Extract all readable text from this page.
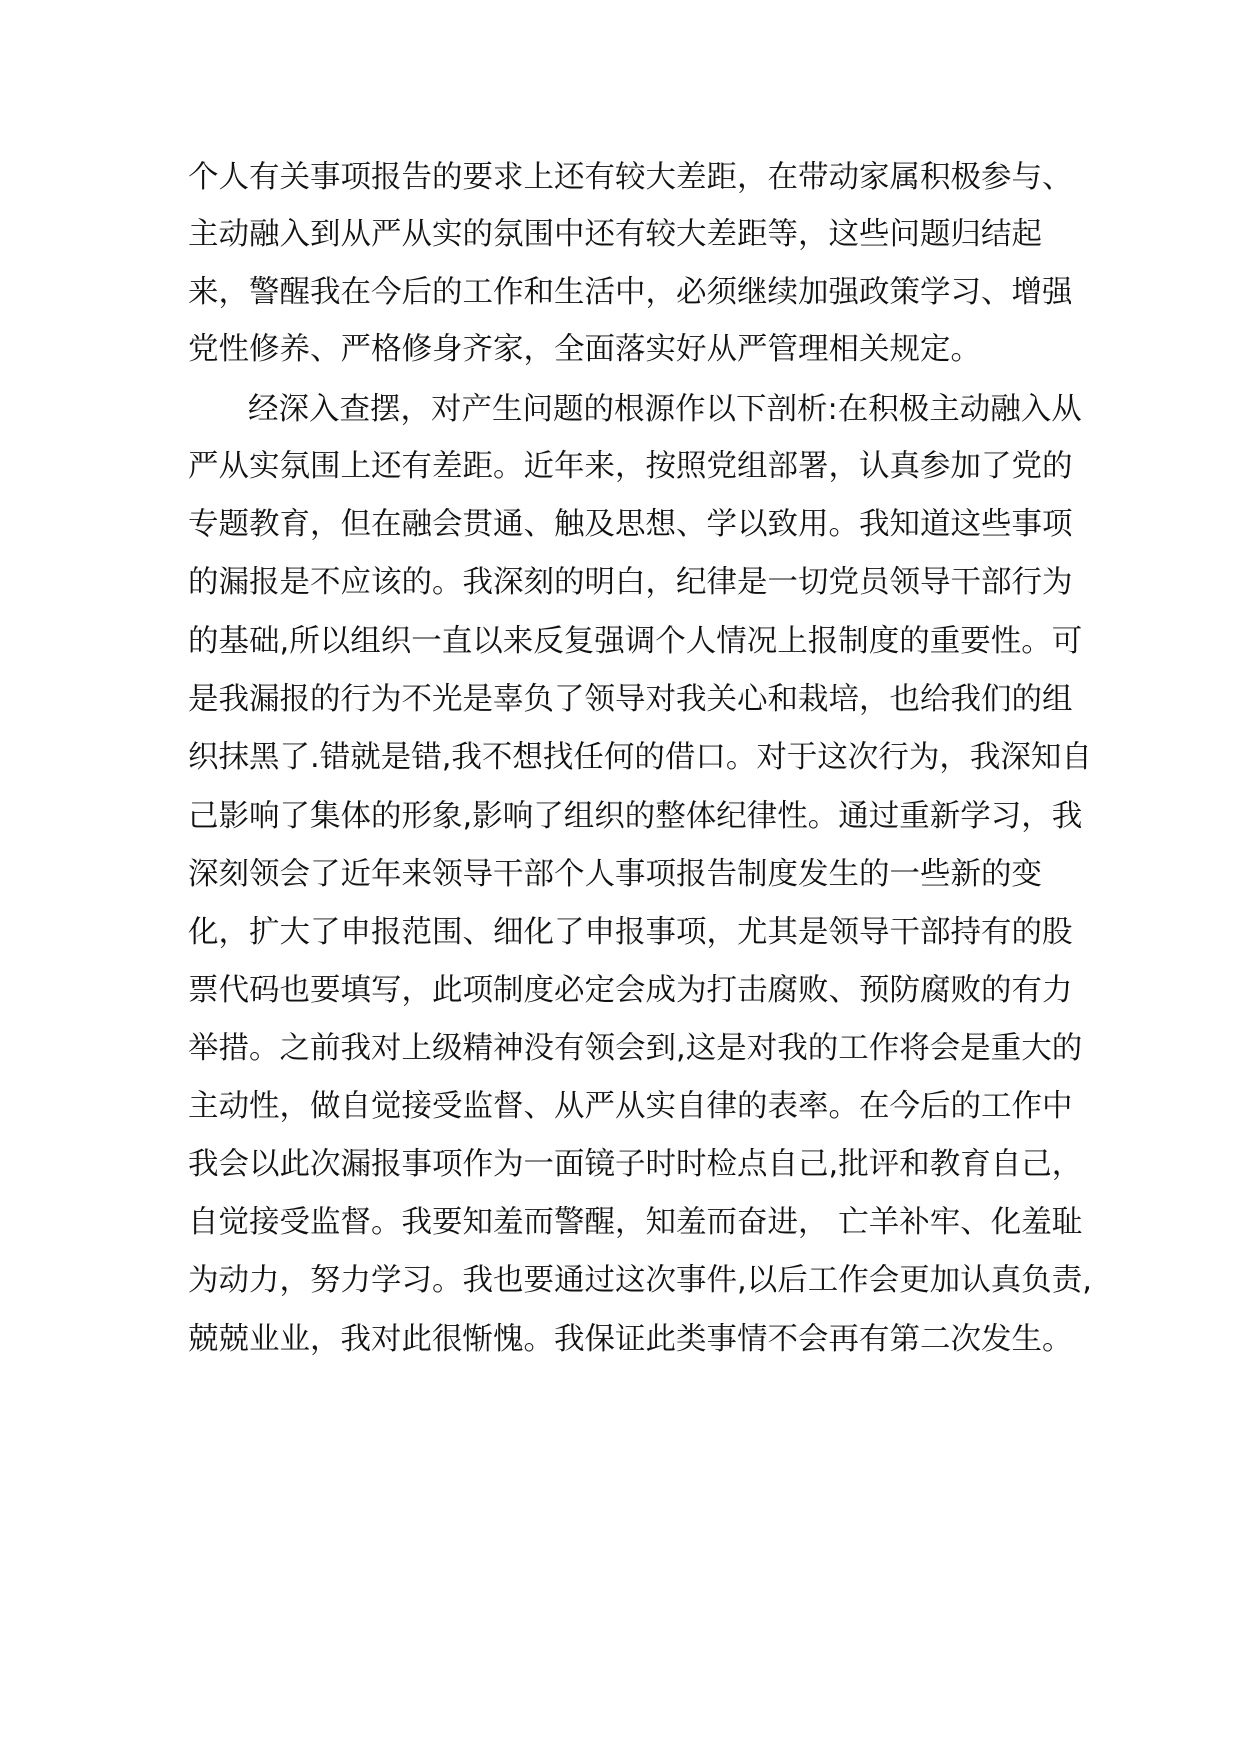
个人有关事项报告的要求上还有较大差距，在带动家属积极参与、
主动融入到从严从实的氛围中还有较大差距等，这些问题归结起
来，警醒我在今后的工作和生活中，必须继续加强政策学习、增强
党性修养、严格修身齐家，全面落实好从严管理相关规定。
经深入查摆，对产生问题的根源作以下剖析:在积极主动融入从
严从实氛围上还有差距。近年来，按照党组部署，认真参加了党的
专题教育，但在融会贯通、触及思想、学以致用。我知道这些事项
的漏报是不应该的。我深刻的明白，纪律是一切党员领导干部行为
的基础,所以组织一直以来反复强调个人情况上报制度的重要性。可
是我漏报的行为不光是辜负了领导对我关心和栽培，也给我们的组
织抹黑了.错就是错,我不想找任何的借口。对于这次行为，我深知自
己影响了集体的形象,影响了组织的整体纪律性。通过重新学习，我
深刻领会了近年来领导干部个人事项报告制度发生的一些新的变
化，扩大了申报范围、细化了申报事项，尤其是领导干部持有的股
票代码也要填写，此项制度必定会成为打击腐败、预防腐败的有力
举措。之前我对上级精神没有领会到,这是对我的工作将会是重大的
主动性，做自觉接受监督、从严从实自律的表率。在今后的工作中
我会以此次漏报事项作为一面镜子时时检点自己,批评和教育自己，
自觉接受监督。我要知羞而警醒，知羞而奋进， 亡羊补牢、化羞耻
为动力，努力学习。我也要通过这次事件,以后工作会更加认真负责,
兢兢业业，我对此很惭愧。我保证此类事情不会再有第二次发生。
